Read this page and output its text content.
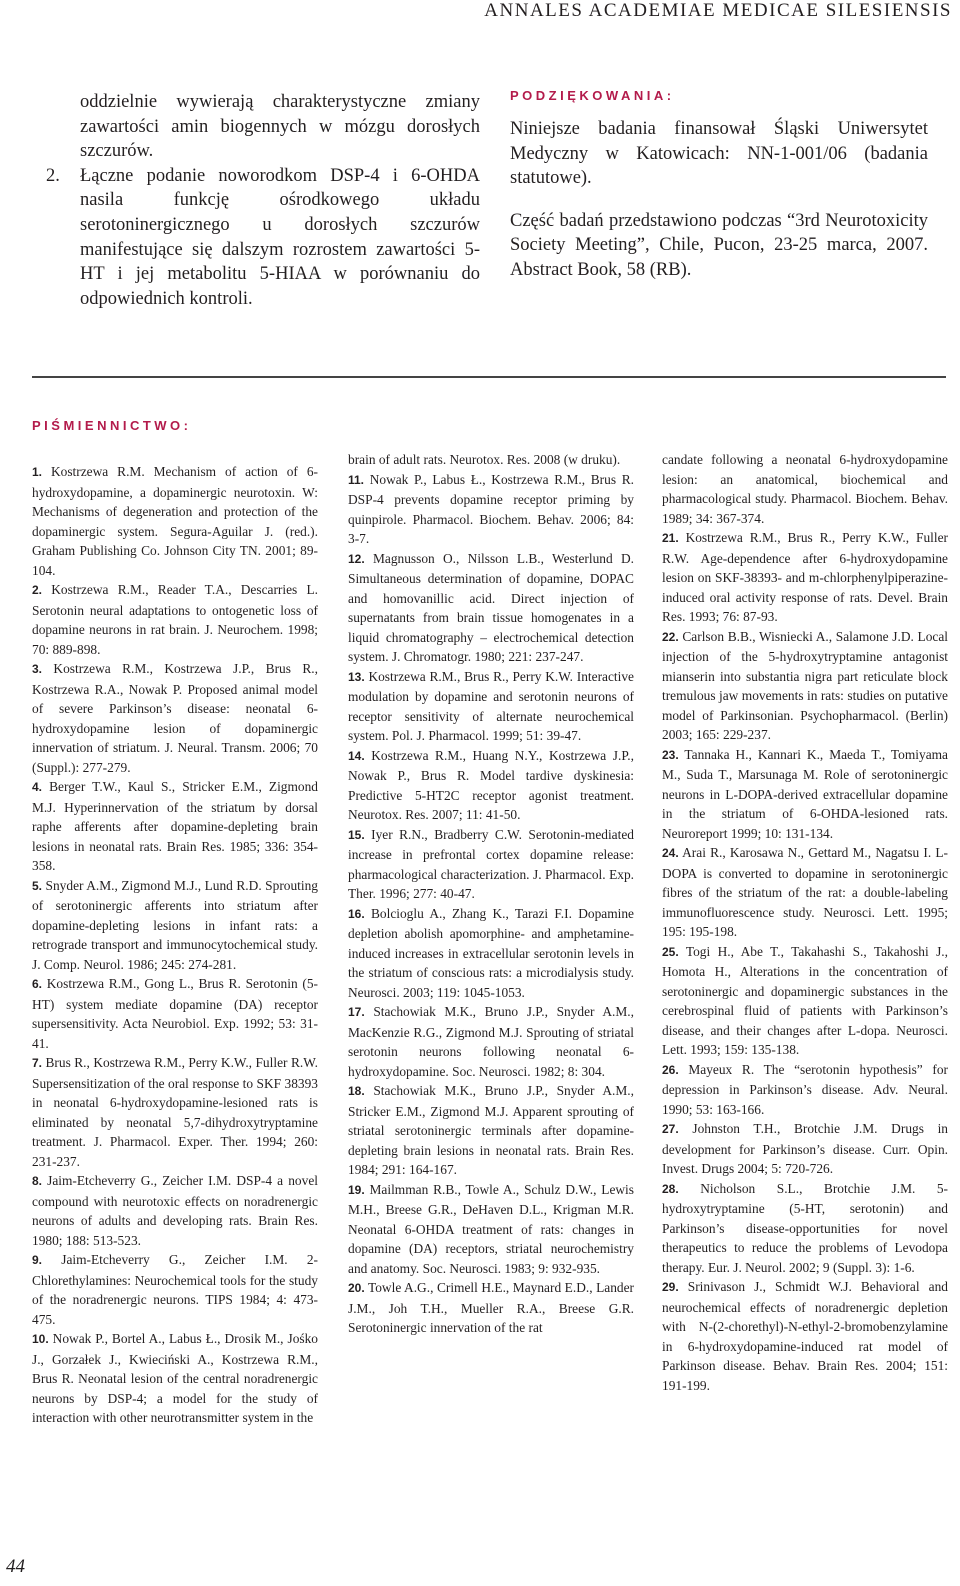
ANNALES ACADEMIAE MEDICAE SILESIENSIS

oddzielnie wywierają charakterystyczne zmiany zawartości amin biogennych w mózgu dorosłych szczurów.

2. Łączne podanie noworodkom DSP-4 i 6-OHDA nasila funkcję ośrodkowego układu serotoninergicznego u dorosłych szczurów manifestujące się dalszym rozrostem zawartości 5-HT i jej metabolitu 5-HIAA w porównaniu do odpowiednich kontroli.
PODZIĘKOWANIA:

Niniejsze badania finansował Śląski Uniwersytet Medyczny w Katowicach: NN-1-001/06 (badania statutowe).

Część badań przedstawiono podczas “3rd Neurotoxicity Society Meeting”, Chile, Pucon, 23-25 marca, 2007. Abstract Book, 58 (RB).

PIŚMIENNICTWO:

1. Kostrzewa R.M. Mechanism of action of 6-hydroxydopamine, a dopaminergic neurotoxin. W: Mechanisms of degeneration and protection of the dopaminergic system. Segura-Aguilar J. (red.). Graham Publishing Co. Johnson City TN. 2001; 89-104.

2. Kostrzewa R.M., Reader T.A., Descarries L. Serotonin neural adaptations to ontogenetic loss of dopamine neurons in rat brain. J. Neurochem. 1998; 70: 889-898.

3. Kostrzewa R.M., Kostrzewa J.P., Brus R., Kostrzewa R.A., Nowak P. Proposed animal model of severe Parkinson’s disease: neonatal 6-hydroxydopamine lesion of dopaminergic innervation of striatum. J. Neural. Transm. 2006; 70 (Suppl.): 277-279.

4. Berger T.W., Kaul S., Stricker E.M., Zigmond M.J. Hyperinnervation of the striatum by dorsal raphe afferents after dopamine-depleting brain lesions in neonatal rats. Brain Res. 1985; 336: 354-358.

5. Snyder A.M., Zigmond M.J., Lund R.D. Sprouting of serotoninergic afferents into striatum after dopamine-depleting lesions in infant rats: a retrograde transport and immunocytochemical study. J. Comp. Neurol. 1986; 245: 274-281.

6. Kostrzewa R.M., Gong L., Brus R. Serotonin (5-HT) system mediate dopamine (DA) receptor supersensitivity. Acta Neurobiol. Exp. 1992; 53: 31-41.

7. Brus R., Kostrzewa R.M., Perry K.W., Fuller R.W. Supersensitization of the oral response to SKF 38393 in neonatal 6-hydroxydopamine-lesioned rats is eliminated by neonatal 5,7-dihydroxytryptamine treatment. J. Pharmacol. Exper. Ther. 1994; 260: 231-237.

8. Jaim-Etcheverry G., Zeicher I.M. DSP-4 a novel compound with neurotoxic effects on noradrenergic neurons of adults and developing rats. Brain Res. 1980; 188: 513-523.

9. Jaim-Etcheverry G., Zeicher I.M. 2-Chlorethylamines: Neurochemical tools for the study of the noradrenergic neurons. TIPS 1984; 4: 473-475.

10. Nowak P., Bortel A., Labus Ł., Drosik M., Jośko J., Gorzałek J., Kwieciński A., Kostrzewa R.M., Brus R. Neonatal lesion of the central noradrenergic neurons by DSP-4; a model for the study of interaction with other neurotransmitter system in the

brain of adult rats. Neurotox. Res. 2008 (w druku).

11. Nowak P., Labus Ł., Kostrzewa R.M., Brus R. DSP-4 prevents dopamine receptor priming by quinpirole. Pharmacol. Biochem. Behav. 2006; 84: 3-7.

12. Magnusson O., Nilsson L.B., Westerlund D. Simultaneous determination of dopamine, DOPAC and homovanillic acid. Direct injection of supernatants from brain tissue homogenates in a liquid chromatography – electrochemical detection system. J. Chromatogr. 1980; 221: 237-247.

13. Kostrzewa R.M., Brus R., Perry K.W. Interactive modulation by dopamine and serotonin neurons of receptor sensitivity of alternate neurochemical system. Pol. J. Pharmacol. 1999; 51: 39-47.

14. Kostrzewa R.M., Huang N.Y., Kostrzewa J.P., Nowak P., Brus R. Model tardive dyskinesia: Predictive 5-HT2C receptor agonist treatment. Neurotox. Res. 2007; 11: 41-50.

15. Iyer R.N., Bradberry C.W. Serotonin-mediated increase in prefrontal cortex dopamine release: pharmacological characterization. J. Pharmacol. Exp. Ther. 1996; 277: 40-47.

16. Bolcioglu A., Zhang K., Tarazi F.I. Dopamine depletion abolish apomorphine- and amphetamine-induced increases in extracellular serotonin levels in the striatum of conscious rats: a microdialysis study. Neurosci. 2003; 119: 1045-1053.

17. Stachowiak M.K., Bruno J.P., Snyder A.M., MacKenzie R.G., Zigmond M.J. Sprouting of striatal serotonin neurons following neonatal 6-hydroxydopamine. Soc. Neurosci. 1982; 8: 304.

18. Stachowiak M.K., Bruno J.P., Snyder A.M., Stricker E.M., Zigmond M.J. Apparent sprouting of striatal serotoninergic terminals after dopamine-depleting brain lesions in neonatal rats. Brain Res. 1984; 291: 164-167.

19. Mailmman R.B., Towle A., Schulz D.W., Lewis M.H., Breese G.R., DeHaven D.L., Krigman M.R. Neonatal 6-OHDA treatment of rats: changes in dopamine (DA) receptors, striatal neurochemistry and anatomy. Soc. Neurosci. 1983; 9: 932-935.

20. Towle A.G., Crimell H.E., Maynard E.D., Lander J.M., Joh T.H., Mueller R.A., Breese G.R. Serotoninergic innervation of the rat

candate following a neonatal 6-hydroxydopamine lesion: an anatomical, biochemical and pharmacological study. Pharmacol. Biochem. Behav. 1989; 34: 367-374.

21. Kostrzewa R.M., Brus R., Perry K.W., Fuller R.W. Age-dependence after 6-hydroxydopamine lesion on SKF-38393- and m-chlorphenylpiperazine-induced oral activity response of rats. Devel. Brain Res. 1993; 76: 87-93.

22. Carlson B.B., Wisniecki A., Salamone J.D. Local injection of the 5-hydroxytryptamine antagonist mianserin into substantia nigra part reticulate block tremulous jaw movements in rats: studies on putative model of Parkinsonian. Psychopharmacol. (Berlin) 2003; 165: 229-237.

23. Tannaka H., Kannari K., Maeda T., Tomiyama M., Suda T., Marsunaga M. Role of serotoninergic neurons in L-DOPA-derived extracellular dopamine in the striatum of 6-OHDA-lesioned rats. Neuroreport 1999; 10: 131-134.

24. Arai R., Karosawa N., Gettard M., Nagatsu I. L-DOPA is converted to dopamine in serotoninergic fibres of the striatum of the rat: a double-labeling immunofluorescence study. Neurosci. Lett. 1995; 195: 195-198.

25. Togi H., Abe T., Takahashi S., Takahoshi J., Homota H., Alterations in the concentration of serotoninergic and dopaminergic substances in the cerebrospinal fluid of patients with Parkinson’s disease, and their changes after L-dopa. Neurosci. Lett. 1993; 159: 135-138.

26. Mayeux R. The “serotonin hypothesis” for depression in Parkinson’s disease. Adv. Neural. 1990; 53: 163-166.

27. Johnston T.H., Brotchie J.M. Drugs in development for Parkinson’s disease. Curr. Opin. Invest. Drugs 2004; 5: 720-726.

28. Nicholson S.L., Brotchie J.M. 5-hydroxytryptamine (5-HT, serotonin) and Parkinson’s disease-opportunities for novel therapeutics to reduce the problems of Levodopa therapy. Eur. J. Neurol. 2002; 9 (Suppl. 3): 1-6.

29. Srinivason J., Schmidt W.J. Behavioral and neurochemical effects of noradrenergic depletion with N-(2-chorethyl)-N-ethyl-2-bromobenzylamine in 6-hydroxydopamine-induced rat model of Parkinson disease. Behav. Brain Res. 2004; 151: 191-199.

44
